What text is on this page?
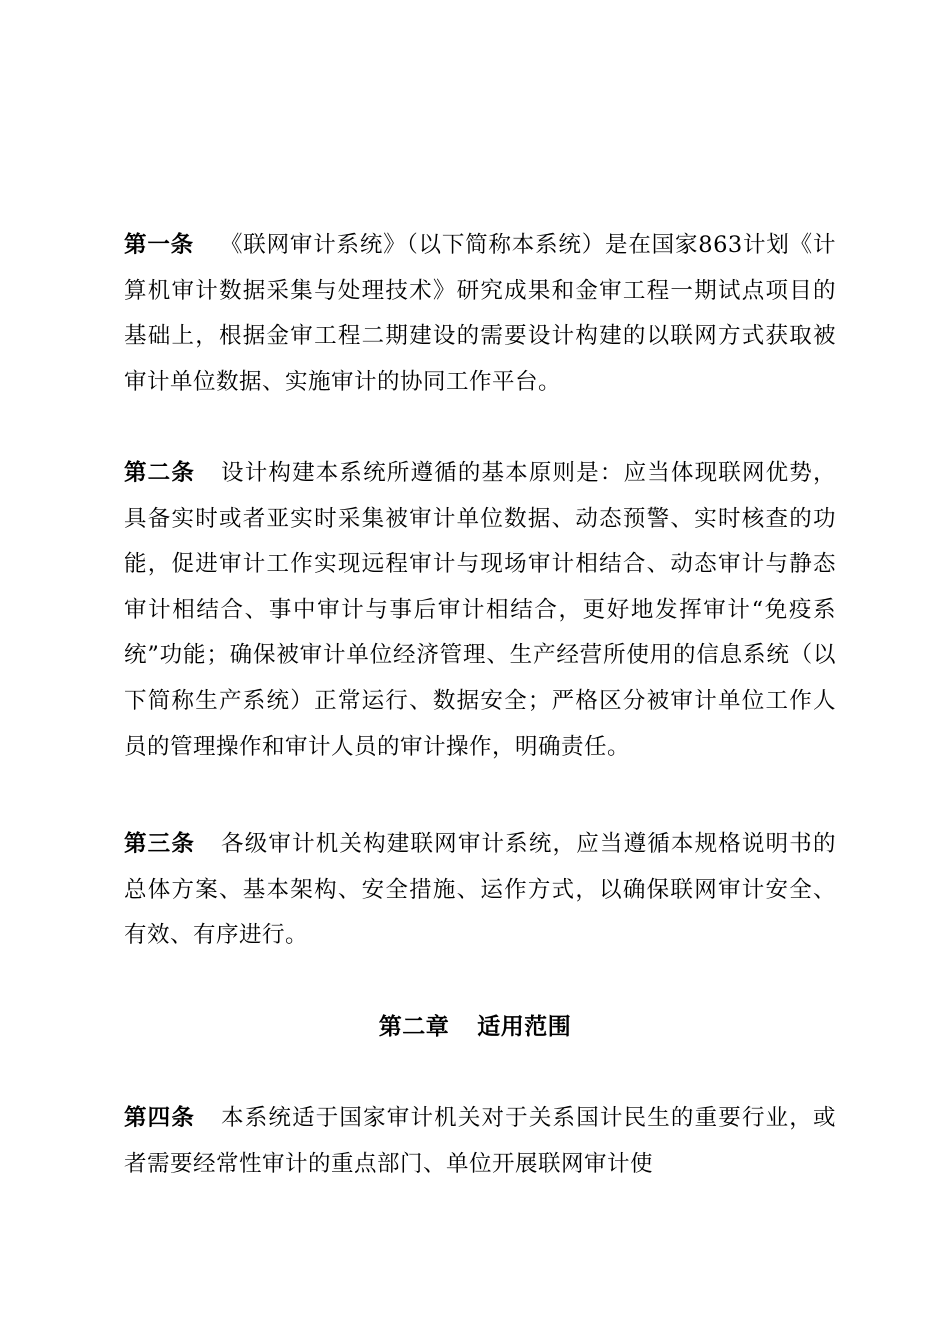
第一条 《联网审计系统》（以下简称本系统）是在国家863计划《计算机审计数据采集与处理技术》研究成果和金审工程一期试点项目的基础上，根据金审工程二期建设的需要设计构建的以联网方式获取被审计单位数据、实施审计的协同工作平台。

第二条 设计构建本系统所遵循的基本原则是：应当体现联网优势，具备实时或者亚实时采集被审计单位数据、动态预警、实时核查的功能，促进审计工作实现远程审计与现场审计相结合、动态审计与静态审计相结合、事中审计与事后审计相结合，更好地发挥审计“免疫系统”功能；确保被审计单位经济管理、生产经营所使用的信息系统（以下简称生产系统）正常运行、数据安全；严格区分被审计单位工作人员的管理操作和审计人员的审计操作，明确责任。

第三条 各级审计机关构建联网审计系统，应当遵循本规格说明书的总体方案、基本架构、安全措施、运作方式，以确保联网审计安全、有效、有序进行。

第二章 适用范围

第四条 本系统适于国家审计机关对于关系国计民生的重要行业，或者需要经常性审计的重点部门、单位开展联网审计使
